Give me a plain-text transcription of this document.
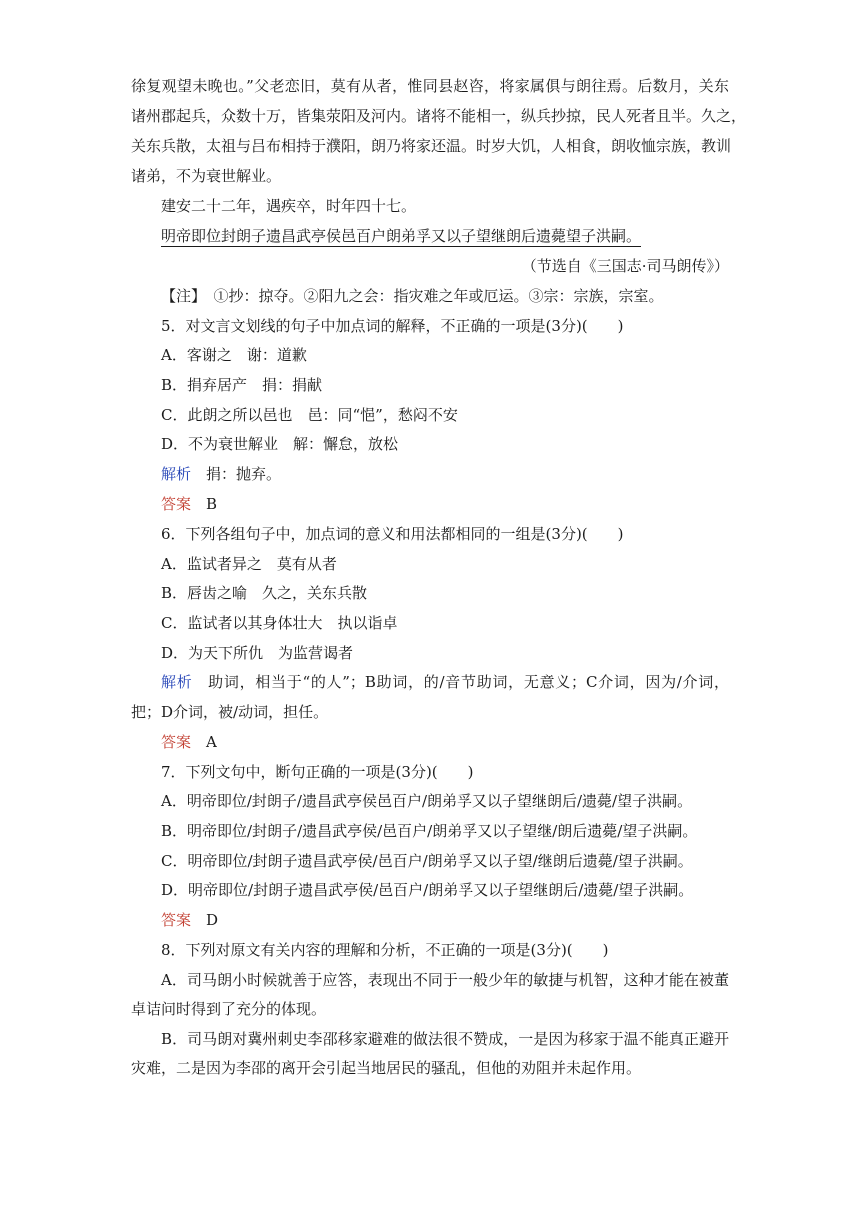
徐复观望未晚也。”父老恋旧，莫有从者，惟同县赵咨，将家属俱与朗往焉。后数月，关东
诸州郡起兵，众数十万，皆集荥阳及河内。诸将不能相一，纵兵抄掠，民人死者且半。久之，
关东兵散，太祖与吕布相持于濮阳，朗乃将家还温。时岁大饥，人相食，朗收恤宗族，教训
诸弟，不为衰世解业。
建安二十二年，遇疾卒，时年四十七。
明帝即位封朗子遗昌武亭侯邑百户朗弟孚又以子望继朗后遗薨望子洪嗣。
（节选自《三国志·司马朗传》）
【注】　①抄：掠夺。②阳九之会：指灾难之年或厄运。③宗：宗族，宗室。
5．对文言文划线的句子中加点词的解释，不正确的一项是(3分)(　　)
A．客谢之　谢：道歉
B．捐弃居产　捐：捐献
C．此朗之所以邑也　邑：同“悒”，愁闷不安
D．不为衰世解业　解：懈怠，放松
解析　捐：抛弃。
答案　B
6．下列各组句子中，加点词的意义和用法都相同的一组是(3分)(　　)
A．监试者异之　莫有从者
B．唇齿之喻　久之，关东兵散
C．监试者以其身体壮大　执以诣卓
D．为天下所仇　为监营谒者
解析　助词，相当于“的人”；B助词，的/音节助词，无意义；C介词，因为/介词，
把；D介词，被/动词，担任。
答案　A
7．下列文句中，断句正确的一项是(3分)(　　)
A．明帝即位/封朗子/遗昌武亭侯邑百户/朗弟孚又以子望继朗后/遗薨/望子洪嗣。
B．明帝即位/封朗子/遗昌武亭侯/邑百户/朗弟孚又以子望继/朗后遗薨/望子洪嗣。
C．明帝即位/封朗子遗昌武亭侯/邑百户/朗弟孚又以子望/继朗后遗薨/望子洪嗣。
D．明帝即位/封朗子遗昌武亭侯/邑百户/朗弟孚又以子望继朗后/遗薨/望子洪嗣。
答案　D
8．下列对原文有关内容的理解和分析，不正确的一项是(3分)(　　)
A．司马朗小时候就善于应答，表现出不同于一般少年的敏捷与机智，这种才能在被董
卓诘问时得到了充分的体现。
B．司马朗对冀州刺史李邵移家避难的做法很不赞成，一是因为移家于温不能真正避开
灾难，二是因为李邵的离开会引起当地居民的骚乱，但他的劝阻并未起作用。
